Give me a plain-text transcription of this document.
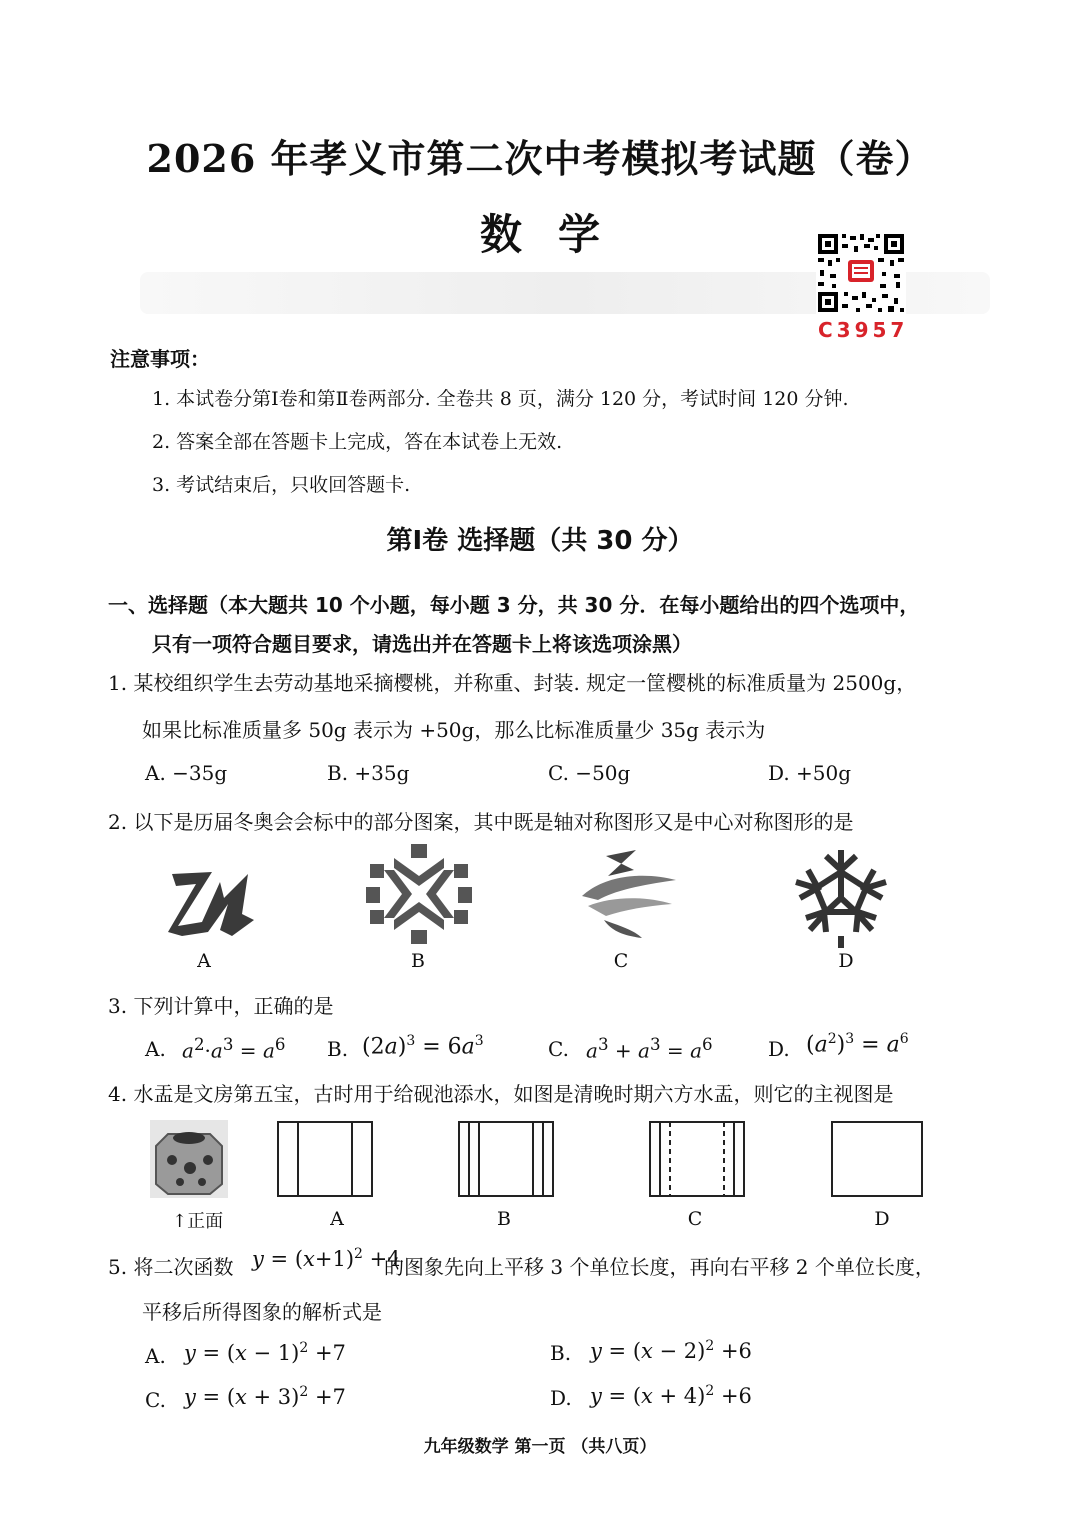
2026 年孝义市第二次中考模拟考试题（卷）
数学
C3957
注意事项：
1. 本试卷分第Ⅰ卷和第Ⅱ卷两部分. 全卷共 8 页，满分 120 分，考试时间 120 分钟.
2. 答案全部在答题卡上完成，答在本试卷上无效.
3. 考试结束后，只收回答题卡.
第Ⅰ卷 选择题（共 30 分）
一、选择题（本大题共 10 个小题，每小题 3 分，共 30 分．在每小题给出的四个选项中，
只有一项符合题目要求，请选出并在答题卡上将该选项涂黑）
1. 某校组织学生去劳动基地采摘樱桃，并称重、封装. 规定一筐樱桃的标准质量为 2500g，
如果比标准质量多 50g 表示为 +50g，那么比标准质量少 35g 表示为
A. −35g	B. +35g	C. −50g	D. +50g
2. 以下是历届冬奥会会标中的部分图案，其中既是轴对称图形又是中心对称图形的是
A	B	C	D
3. 下列计算中，正确的是
A. $a^2\cdot a^3 = a^6$ B. $(2a)^3 = 6a^3$	C. $a^3 + a^3 = a^6$	D. $(a^2)^3 = a^6$
4. 水盂是文房第五宝，古时用于给砚池添水，如图是清晚时期六方水盂，则它的主视图是
↑正面	A	B	C	D
5. 将二次函数 $y = (x+1)^2 +4$
的图象先向上平移 3 个单位长度，再向右平移 2 个单位长度，
平移后所得图象的解析式是
A. $y = (x - 1)^2 +7$	B. $y = (x - 2)^2 +6$
C. $y = (x + 3)^2 +7$	D. $y = (x + 4)^2 +6$
九年级数学 第一页 （共八页）
